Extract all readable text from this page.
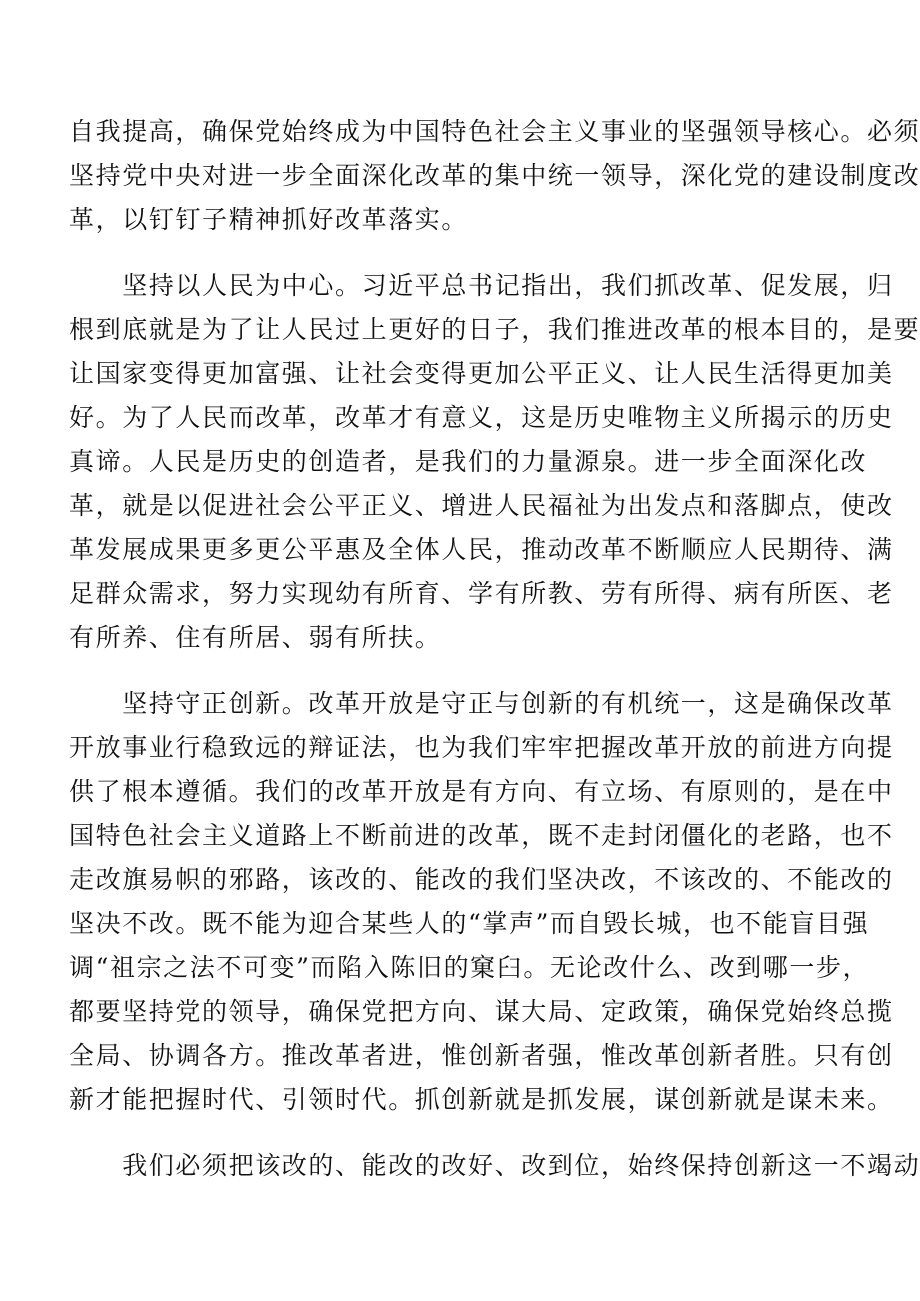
自我提高，确保党始终成为中国特色社会主义事业的坚强领导核心。必须
坚持党中央对进一步全面深化改革的集中统一领导，深化党的建设制度改
革，以钉钉子精神抓好改革落实。

　　坚持以人民为中心。习近平总书记指出，我们抓改革、促发展，归
根到底就是为了让人民过上更好的日子，我们推进改革的根本目的，是要
让国家变得更加富强、让社会变得更加公平正义、让人民生活得更加美
好。为了人民而改革，改革才有意义，这是历史唯物主义所揭示的历史
真谛。人民是历史的创造者，是我们的力量源泉。进一步全面深化改
革，就是以促进社会公平正义、增进人民福祉为出发点和落脚点，使改
革发展成果更多更公平惠及全体人民，推动改革不断顺应人民期待、满
足群众需求，努力实现幼有所育、学有所教、劳有所得、病有所医、老
有所养、住有所居、弱有所扶。

　　坚持守正创新。改革开放是守正与创新的有机统一，这是确保改革
开放事业行稳致远的辩证法，也为我们牢牢把握改革开放的前进方向提
供了根本遵循。我们的改革开放是有方向、有立场、有原则的，是在中
国特色社会主义道路上不断前进的改革，既不走封闭僵化的老路，也不
走改旗易帜的邪路，该改的、能改的我们坚决改，不该改的、不能改的
坚决不改。既不能为迎合某些人的“掌声”而自毁长城，也不能盲目强
调“祖宗之法不可变”而陷入陈旧的窠臼。无论改什么、改到哪一步，
都要坚持党的领导，确保党把方向、谋大局、定政策，确保党始终总揽
全局、协调各方。推改革者进，惟创新者强，惟改革创新者胜。只有创
新才能把握时代、引领时代。抓创新就是抓发展，谋创新就是谋未来。

　　我们必须把该改的、能改的改好、改到位，始终保持创新这一不竭动
